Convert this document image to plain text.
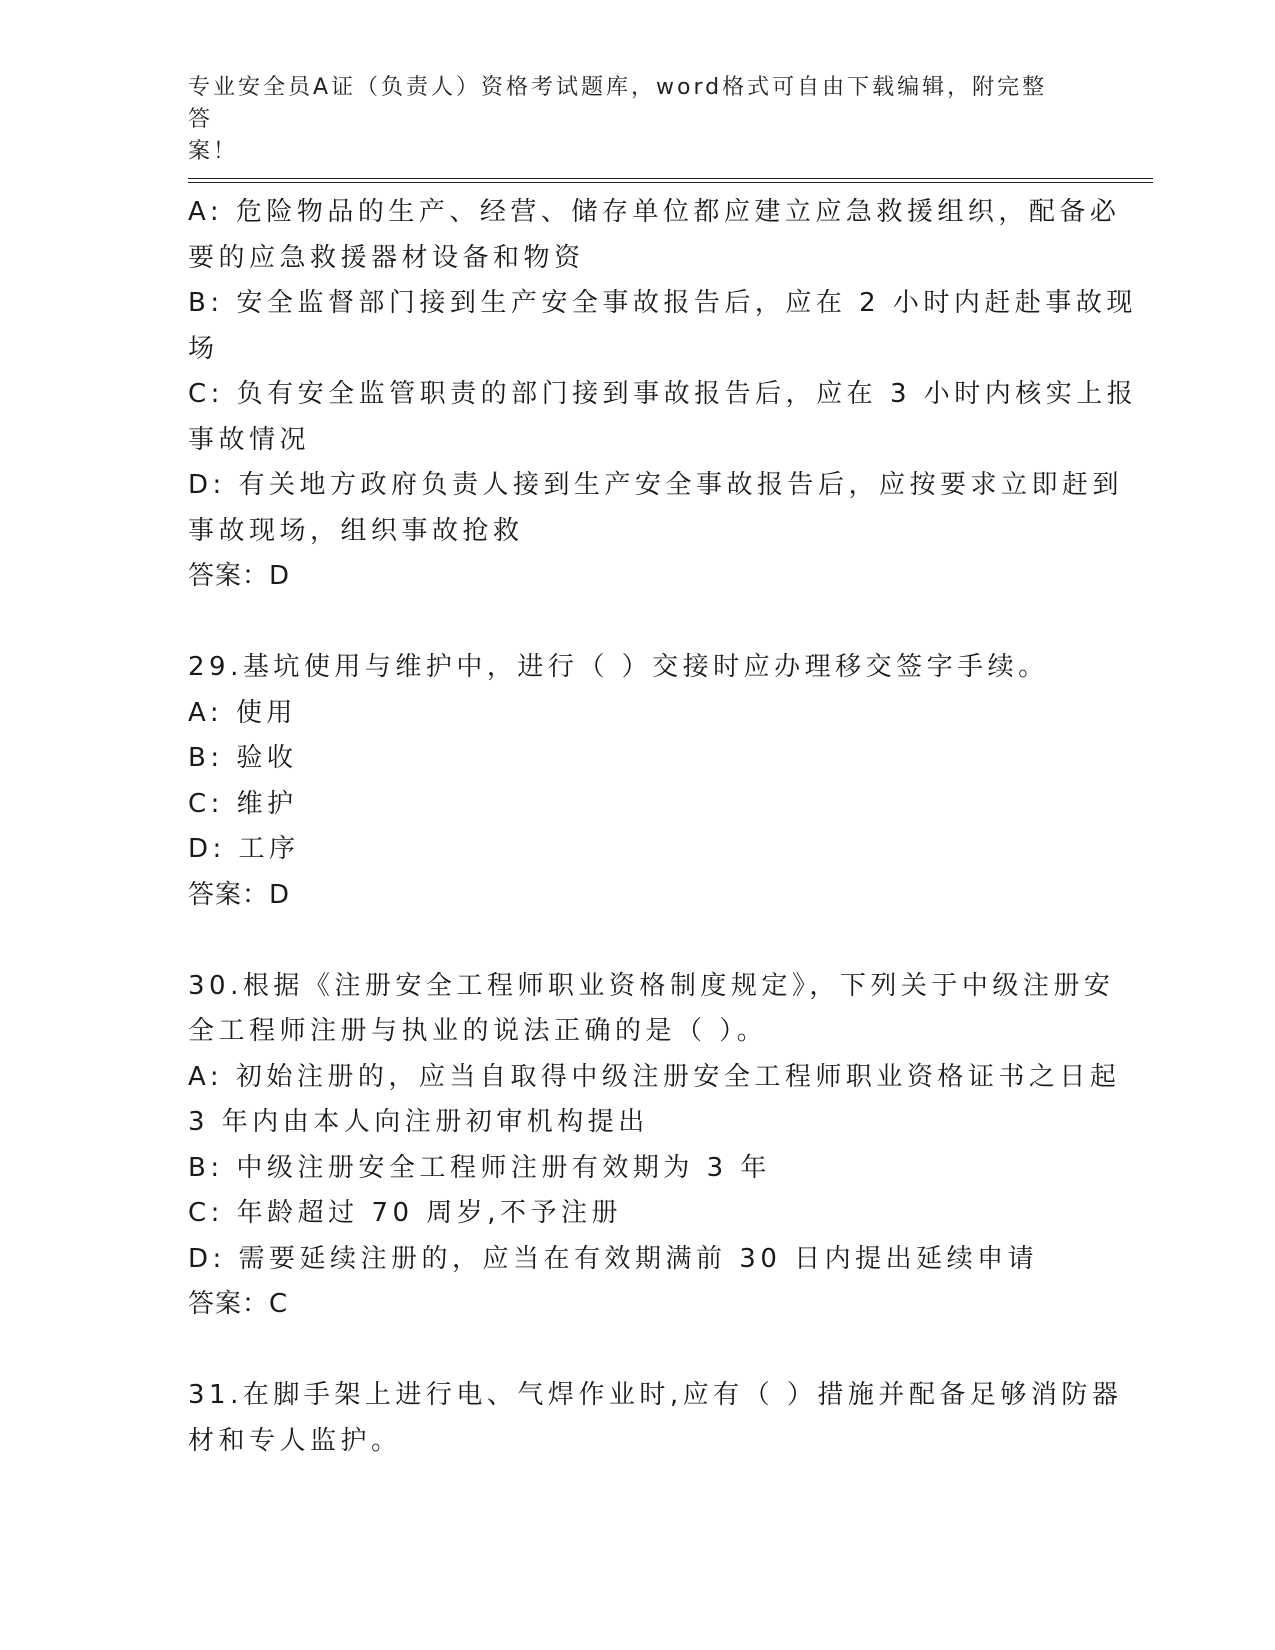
专业安全员A证（负责人）资格考试题库，word格式可自由下载编辑，附完整答
案！
A: 危险物品的生产、经营、储存单位都应建立应急救援组织，配备必
要的应急救援器材设备和物资
B: 安全监督部门接到生产安全事故报告后，应在 2 小时内赶赴事故现
场
C: 负有安全监管职责的部门接到事故报告后，应在 3 小时内核实上报
事故情况
D: 有关地方政府负责人接到生产安全事故报告后，应按要求立即赶到
事故现场，组织事故抢救
答案：D
29.基坑使用与维护中，进行（ ）交接时应办理移交签字手续。
A: 使用
B: 验收
C: 维护
D: 工序
答案：D
30.根据《注册安全工程师职业资格制度规定》，下列关于中级注册安
全工程师注册与执业的说法正确的是（ ）。
A: 初始注册的，应当自取得中级注册安全工程师职业资格证书之日起
3 年内由本人向注册初审机构提出
B: 中级注册安全工程师注册有效期为 3 年
C: 年龄超过 70 周岁,不予注册
D: 需要延续注册的，应当在有效期满前 30 日内提出延续申请
答案：C
31.在脚手架上进行电、气焊作业时,应有（ ）措施并配备足够消防器
材和专人监护。
